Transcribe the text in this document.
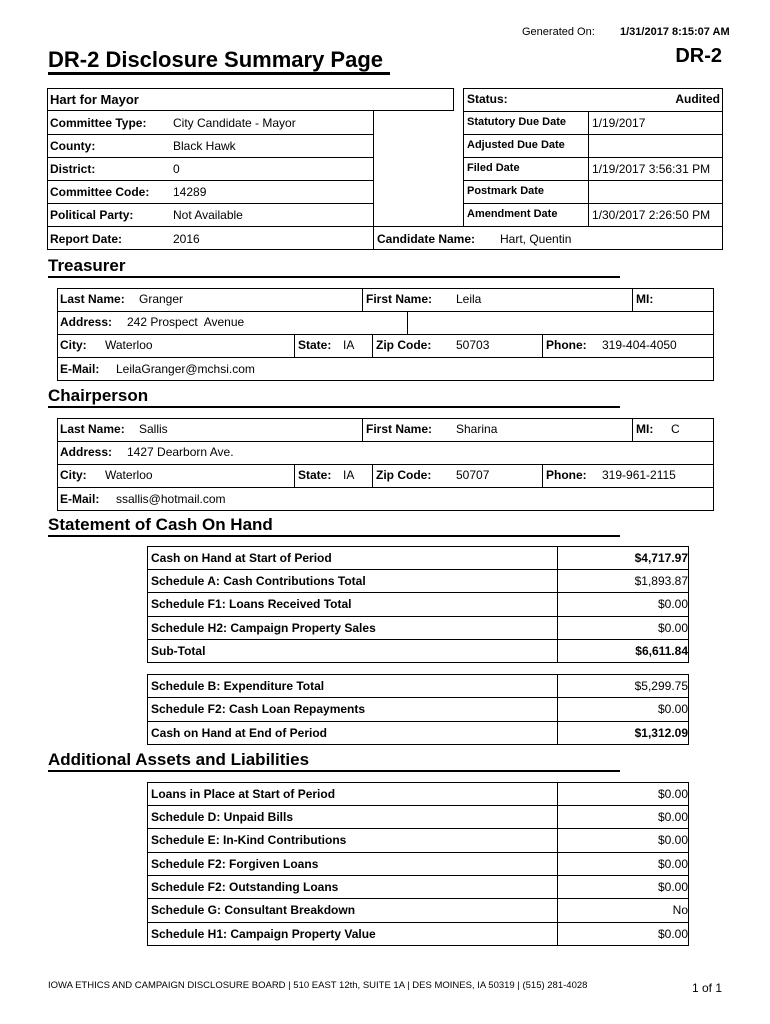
Generated On: 1/31/2017 8:15:07 AM
DR-2 Disclosure Summary Page	DR-2
Hart for Mayor
Committee Type: City Candidate - Mayor
County:	Black Hawk
District:	0
Committee Code: 14289
Political Party:	Not Available
Report Date:	2016
Status:	Audited
Statutory Due Date 1/19/2017
Adjusted Due Date
Filed Date	1/19/2017 3:56:31 PM
Postmark Date
Amendment Date	1/30/2017 2:26:50 PM
Candidate Name: Hart, Quentin
Treasurer
Last Name: Granger	First Name: Leila	MI:
Address: 242 Prospect  Avenue
City: Waterloo	State: IA Zip Code: 50703	Phone: 319-404-4050
E-Mail: LeilaGranger@mchsi.com
Chairperson
Last Name: Sallis	First Name: Sharina	MI: C
Address: 1427 Dearborn Ave.
City: Waterloo	State: IA Zip Code: 50707	Phone: 319-961-2115
E-Mail: ssallis@hotmail.com
Statement of Cash On Hand
Cash on Hand at Start of Period	$4,717.97
Schedule A: Cash Contributions Total	$1,893.87
Schedule F1: Loans Received Total	$0.00
Schedule H2: Campaign Property Sales	$0.00
Sub-Total	$6,611.84
Schedule B: Expenditure Total	$5,299.75
Schedule F2: Cash Loan Repayments	$0.00
Cash on Hand at End of Period	$1,312.09
Additional Assets and Liabilities
Loans in Place at Start of Period	$0.00
Schedule D: Unpaid Bills	$0.00
Schedule E: In-Kind Contributions	$0.00
Schedule F2: Forgiven Loans	$0.00
Schedule F2: Outstanding Loans	$0.00
Schedule G: Consultant Breakdown	No
Schedule H1: Campaign Property Value	$0.00
IOWA ETHICS AND CAMPAIGN DISCLOSURE BOARD | 510 EAST 12th, SUITE 1A | DES MOINES, IA 50319 | (515) 281-4028	1 of 1
